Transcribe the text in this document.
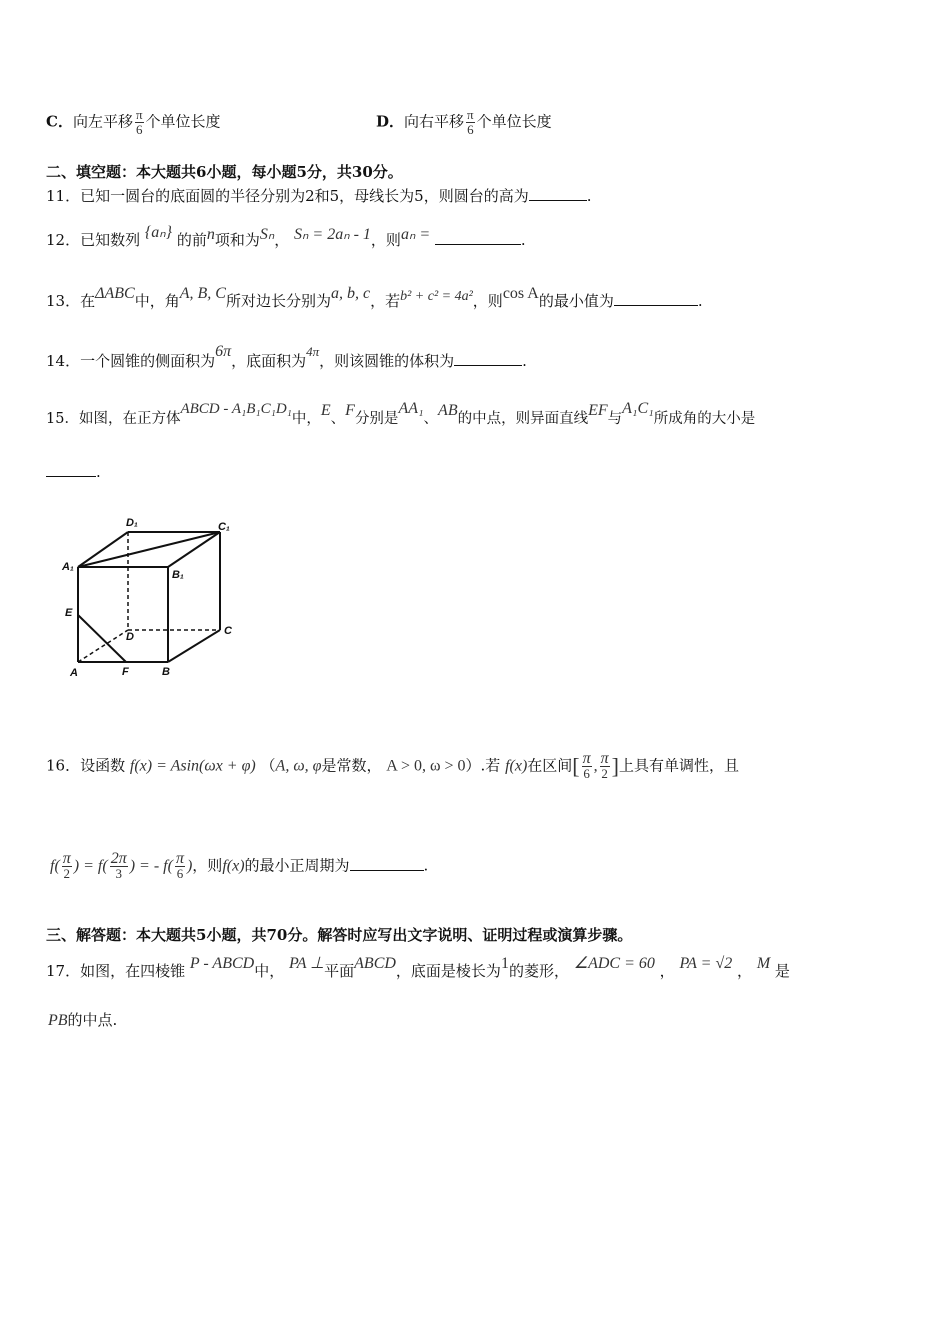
C．向左平移 $\frac{\pi}{6}$ 个单位长度	D．向右平移 $\frac{\pi}{6}$ 个单位长度
二、填空题：本大题共6小题，每小题5分，共30分。
11．已知一圆台的底面圆的半径分别为2和5，母线长为5，则圆台的高为	.
12．已知数列 {aₙ} 的前n项和为Sₙ， Sₙ = 2aₙ - 1，则aₙ =	.
13．在ΔABC中，角A, B, C所对边长分别为a, b, c，若b² + c² = 4a²，则cos A的最小值为	.
14．一个圆锥的侧面积为6π，底面积为4π，则该圆锥的体积为	.
15．如图，在正方体ABCD - A₁B₁C₁D₁中，E、F分别是AA₁、AB的中点，则异面直线EF与A₁C₁所成角的大小是
.
D₁	C₁
A₁
B₁
E
D	C
A	F	B
16．设函数 f(x) = Asin(ωx + φ) （A, ω, φ是常数， A > 0, ω > 0）.若 f(x)在区间[ $\frac{\pi}{6}$ , $\frac{\pi}{2}$ ]上具有单调性，且
$f( \frac{\pi}{2}$ ) = $f( \frac{2\pi}{3}$ ) = - $f( \frac{\pi}{6}$ )，则f(x)的最小正周期为	.
三、解答题：本大题共5小题，共70分。解答时应写出文字说明、证明过程或演算步骤。
17．如图，在四棱锥 P - ABCD中， PA ⊥平面ABCD，底面是棱长为1的菱形， ∠ADC = 60 ， PA = √2 ， M 是
PB的中点.
